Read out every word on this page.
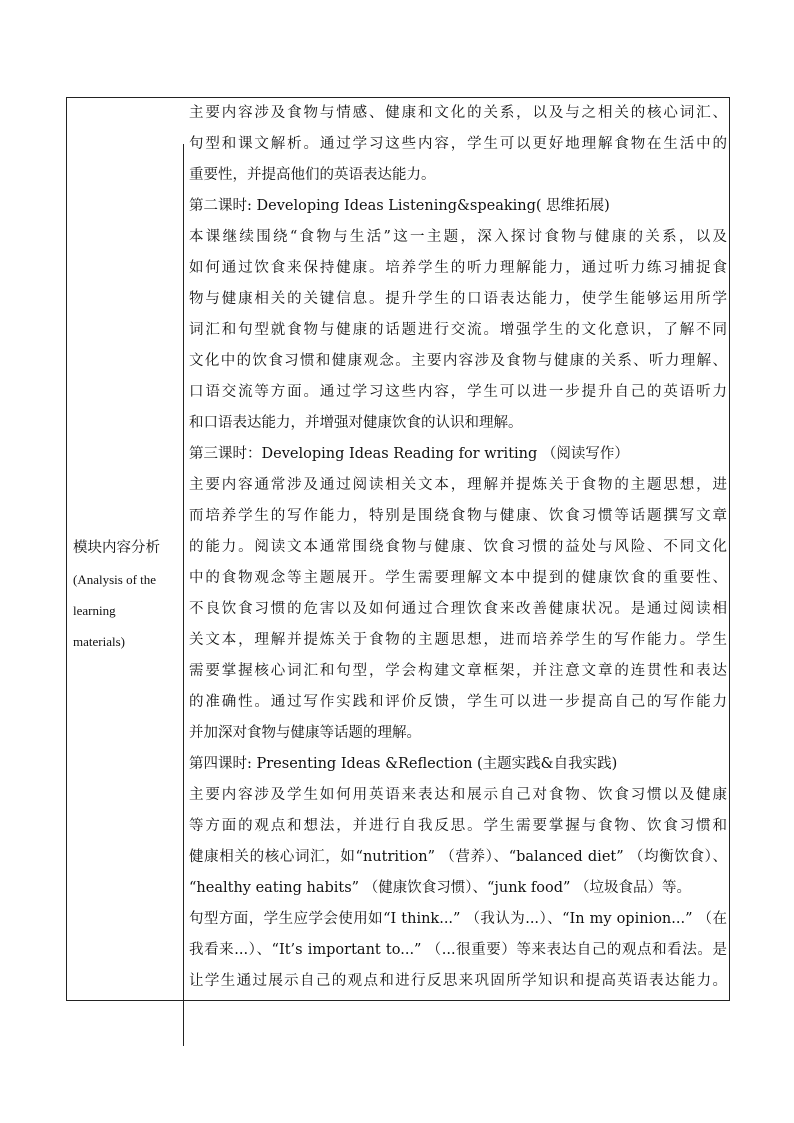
模块内容分析
(Analysis of the
learning
materials)
主要内容涉及食物与情感、健康和文化的关系，以及与之相关的核心词汇、
句型和课文解析。通过学习这些内容，学生可以更好地理解食物在生活中的
重要性，并提高他们的英语表达能力。
第二课时: Developing Ideas Listening&speaking( 思维拓展)
本课继续围绕“食物与生活”这一主题，深入探讨食物与健康的关系，以及
如何通过饮食来保持健康。培养学生的听力理解能力，通过听力练习捕捉食
物与健康相关的关键信息。提升学生的口语表达能力，使学生能够运用所学
词汇和句型就食物与健康的话题进行交流。增强学生的文化意识，了解不同
文化中的饮食习惯和健康观念。主要内容涉及食物与健康的关系、听力理解、
口语交流等方面。通过学习这些内容，学生可以进一步提升自己的英语听力
和口语表达能力，并增强对健康饮食的认识和理解。
第三课时：Developing Ideas Reading for writing （阅读写作）
主要内容通常涉及通过阅读相关文本，理解并提炼关于食物的主题思想，进
而培养学生的写作能力，特别是围绕食物与健康、饮食习惯等话题撰写文章
的能力。阅读文本通常围绕食物与健康、饮食习惯的益处与风险、不同文化
中的食物观念等主题展开。学生需要理解文本中提到的健康饮食的重要性、
不良饮食习惯的危害以及如何通过合理饮食来改善健康状况。是通过阅读相
关文本，理解并提炼关于食物的主题思想，进而培养学生的写作能力。学生
需要掌握核心词汇和句型，学会构建文章框架，并注意文章的连贯性和表达
的准确性。通过写作实践和评价反馈，学生可以进一步提高自己的写作能力
并加深对食物与健康等话题的理解。
第四课时: Presenting Ideas &Reflection (主题实践&自我实践)
主要内容涉及学生如何用英语来表达和展示自己对食物、饮食习惯以及健康
等方面的观点和想法，并进行自我反思。学生需要掌握与食物、饮食习惯和
健康相关的核心词汇，如“nutrition” （营养）、“balanced diet” （均衡饮食）、
“healthy eating habits” （健康饮食习惯）、“junk food” （垃圾食品）等。
句型方面，学生应学会使用如“I think...” （我认为...）、“In my opinion...” （在
我看来...）、“It’s important to...” （...很重要）等来表达自己的观点和看法。是
让学生通过展示自己的观点和进行反思来巩固所学知识和提高英语表达能力。
